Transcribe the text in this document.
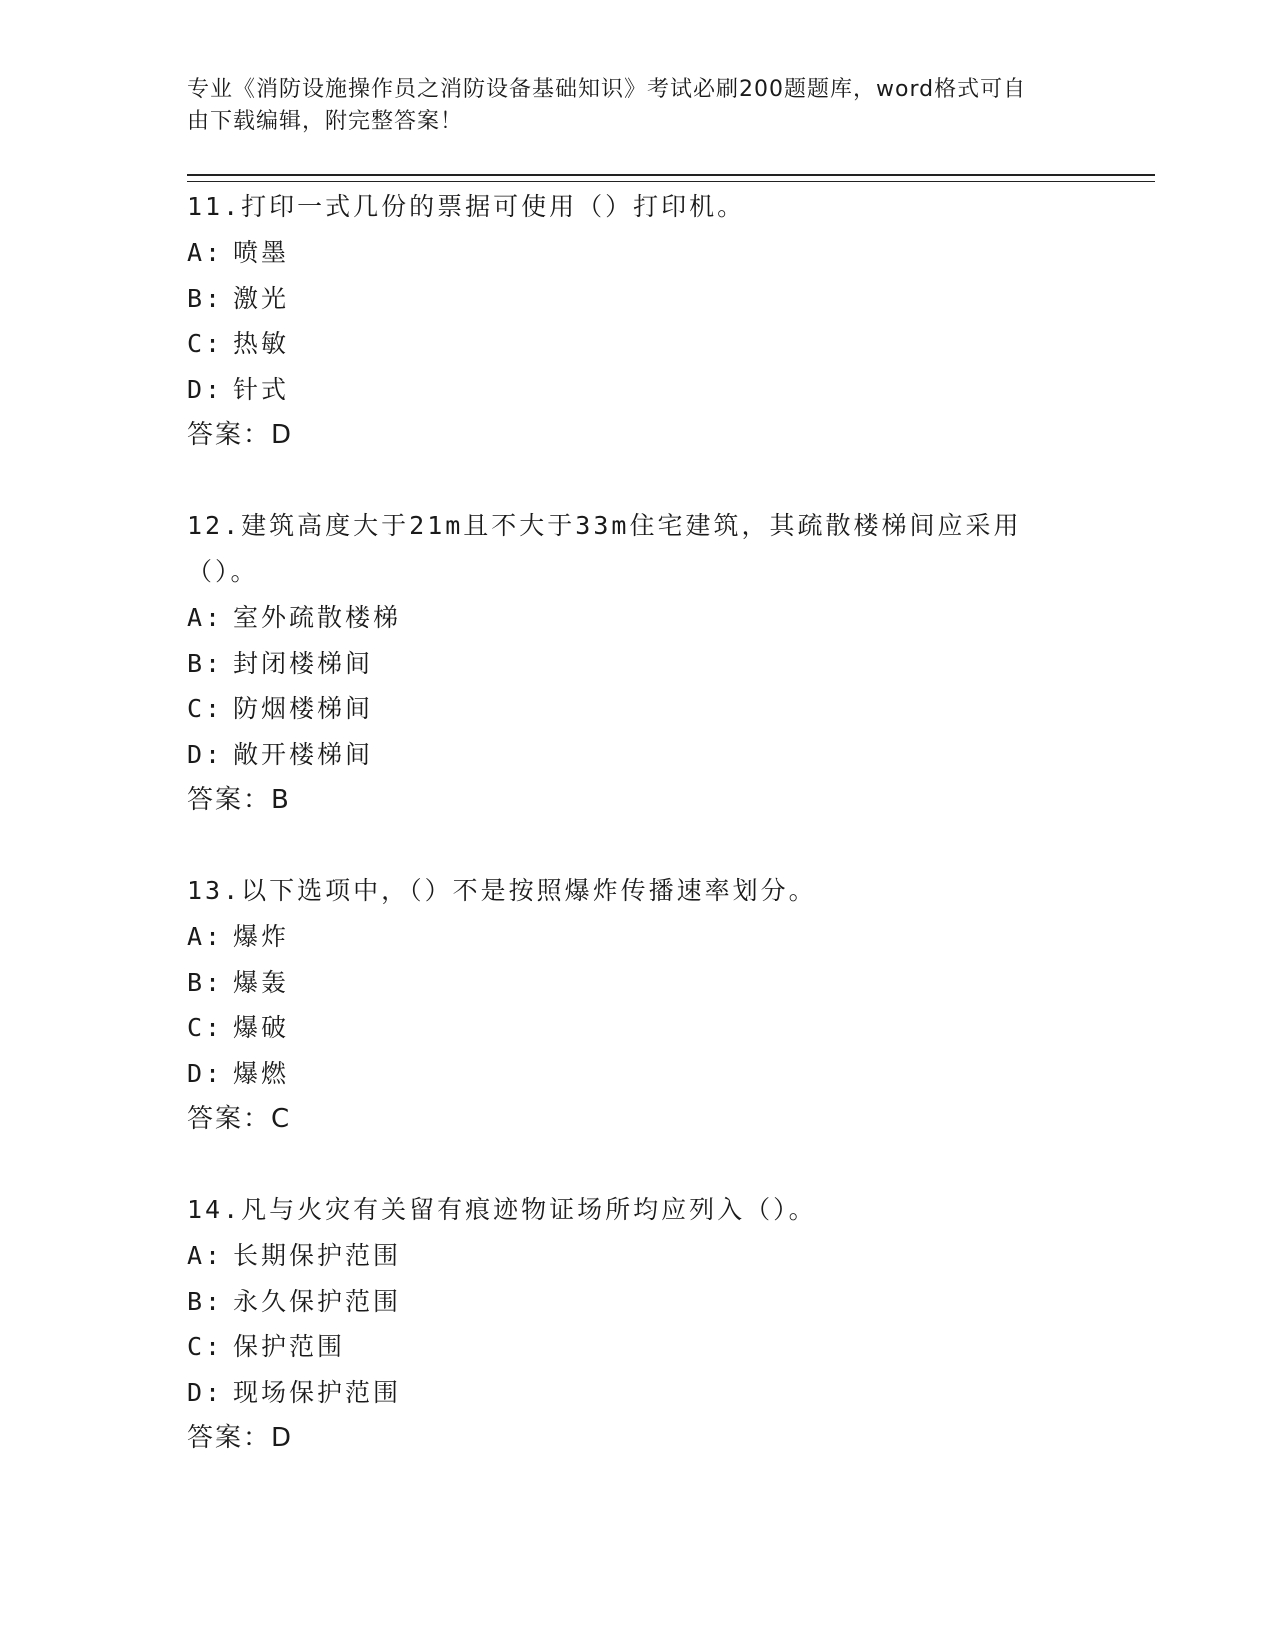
专业《消防设施操作员之消防设备基础知识》考试必刷200题题库，word格式可自由下载编辑，附完整答案！
11.打印一式几份的票据可使用（）打印机。
A: 喷墨
B: 激光
C: 热敏
D: 针式
答案：D
12.建筑高度大于21m且不大于33m住宅建筑，其疏散楼梯间应采用（）。
A: 室外疏散楼梯
B: 封闭楼梯间
C: 防烟楼梯间
D: 敞开楼梯间
答案：B
13.以下选项中，（）不是按照爆炸传播速率划分。
A: 爆炸
B: 爆轰
C: 爆破
D: 爆燃
答案：C
14.凡与火灾有关留有痕迹物证场所均应列入（）。
A: 长期保护范围
B: 永久保护范围
C: 保护范围
D: 现场保护范围
答案：D
